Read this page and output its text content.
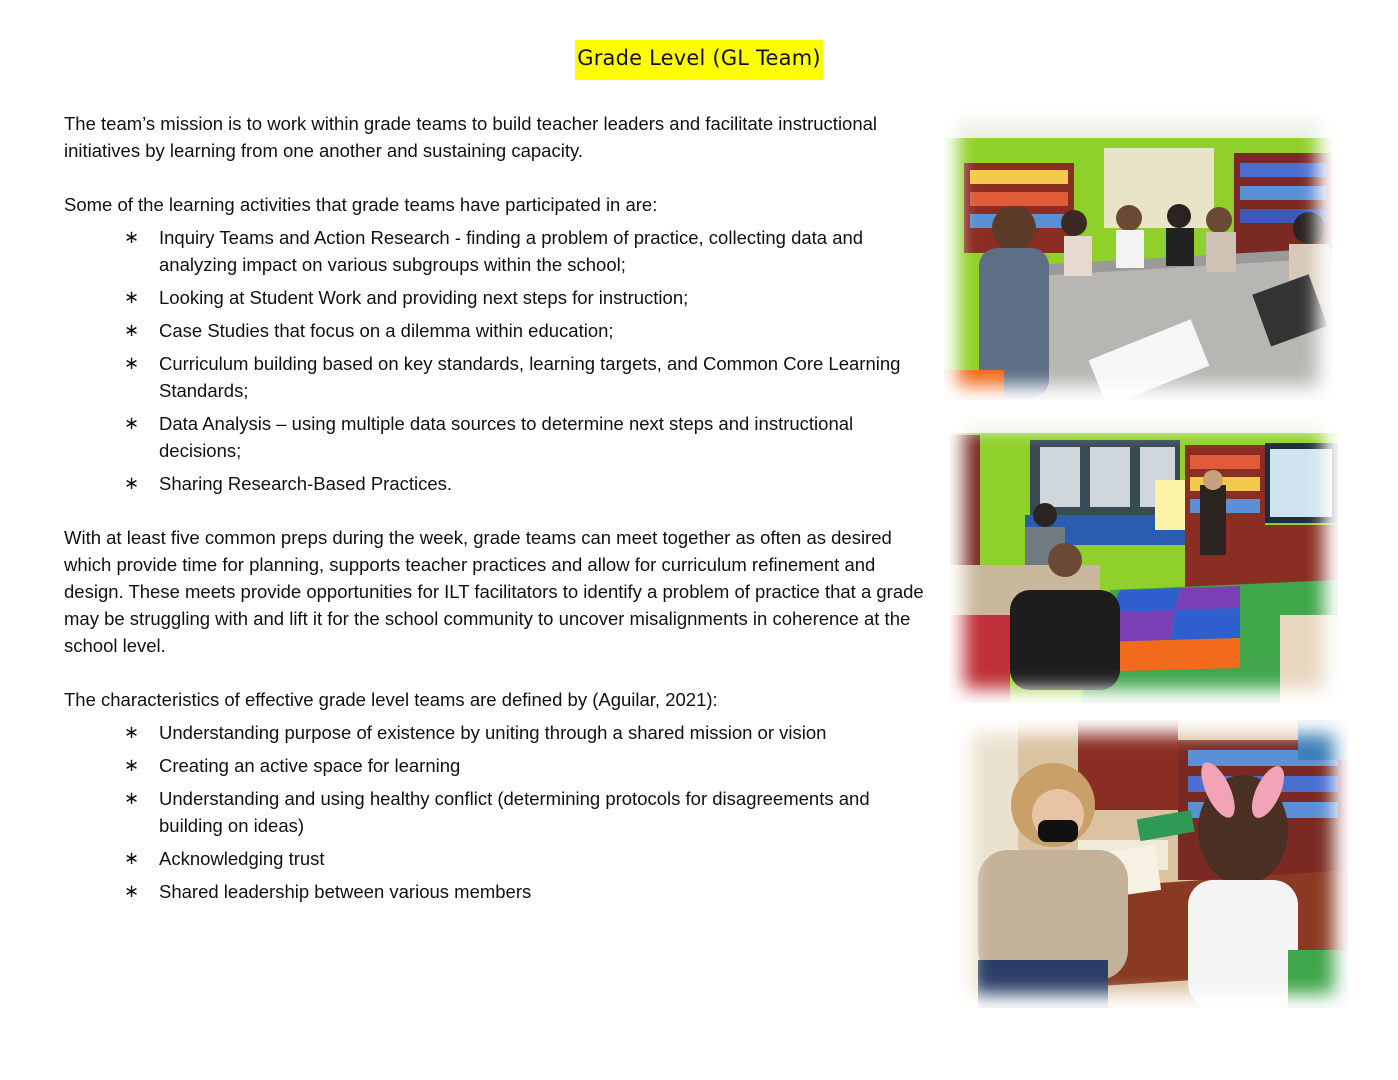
Grade Level (GL Team)

The team’s mission is to work within grade teams to build teacher leaders and facilitate instructional initiatives by learning from one another and sustaining capacity.

Some of the learning activities that grade teams have participated in are:

∗ Inquiry Teams and Action Research - finding a problem of practice, collecting data and analyzing impact on various subgroups within the school;
∗ Looking at Student Work and providing next steps for instruction;
∗ Case Studies that focus on a dilemma within education;
∗ Curriculum building based on key standards, learning targets, and Common Core Learning Standards;
∗ Data Analysis – using multiple data sources to determine next steps and instructional decisions;
∗ Sharing Research-Based Practices.

With at least five common preps during the week, grade teams can meet together as often as desired which provide time for planning, supports teacher practices and allow for curriculum refinement and design. These meets provide opportunities for ILT facilitators to identify a problem of practice that a grade may be struggling with and lift it for the school community to uncover misalignments in coherence at the school level.

The characteristics of effective grade level teams are defined by (Aguilar, 2021):

∗ Understanding purpose of existence by uniting through a shared mission or vision
∗ Creating an active space for learning
∗ Understanding and using healthy conflict (determining protocols for disagreements and building on ideas)
∗ Acknowledging trust
∗ Shared leadership between various members
